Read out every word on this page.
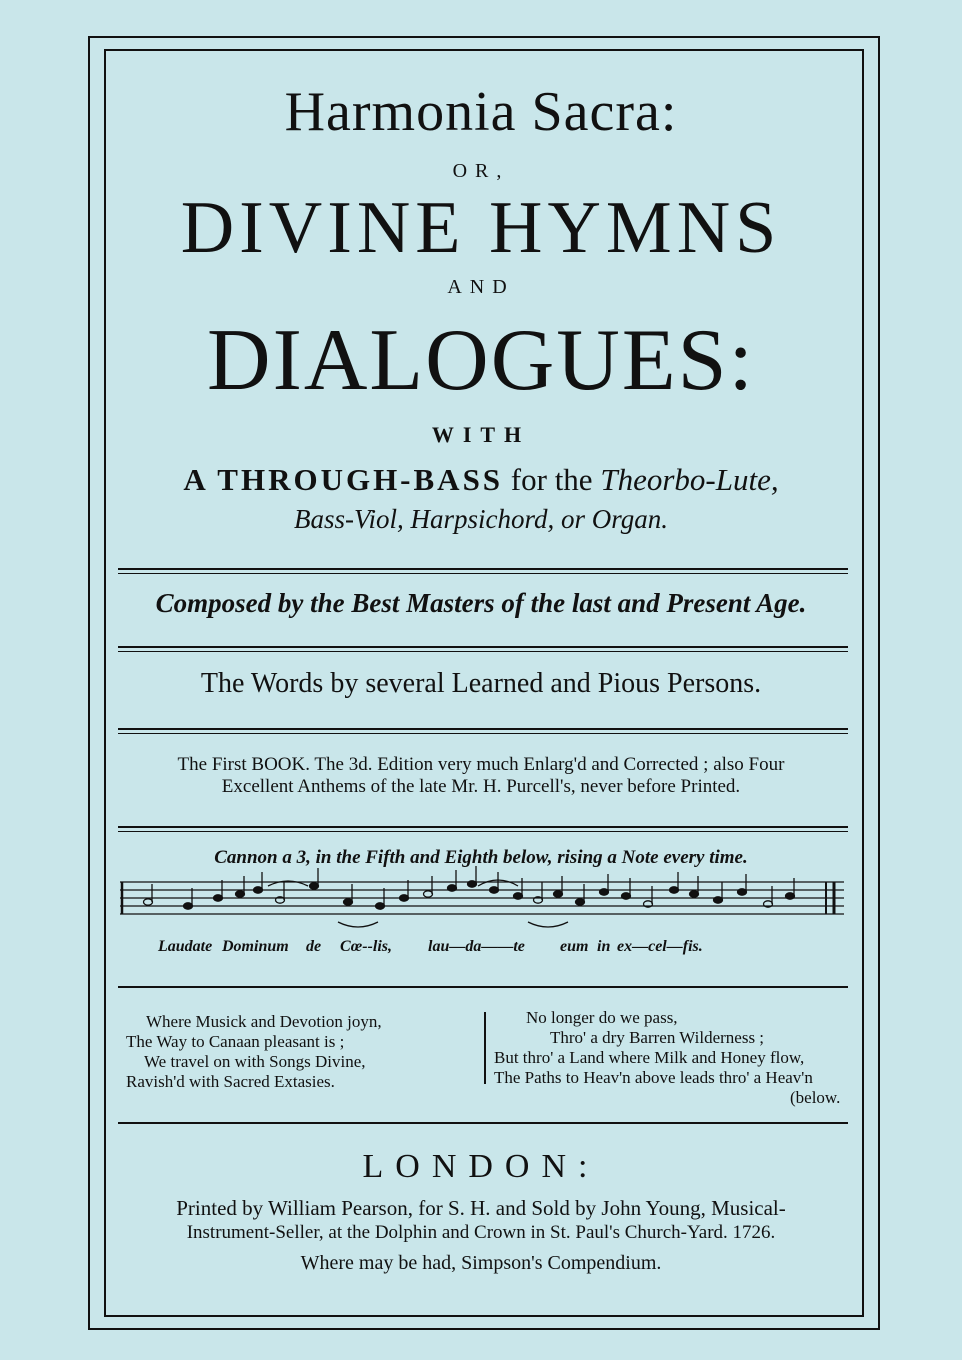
Harmonia Sacra:
OR,
DIVINE HYMNS
AND
DIALOGUES:
WITH
A THROUGH-BASS for the Theorbo-Lute,
Bass-Viol, Harpsichord, or Organ.
Composed by the Best Masters of the last and Present Age.
The Words by several Learned and Pious Persons.
The First BOOK. The 3d. Edition very much Enlarg'd and Corrected ; also Four
Excellent Anthems of the late Mr. H. Purcell's, never before Printed.
Cannon a 3, in the Fifth and Eighth below, rising a Note every time.
Laudate Dominum de Cœ--lis, lau—da——te eum in ex—cel—fis.
Where Musick and Devotion joyn,
The Way to Canaan pleasant is ;
We travel on with Songs Divine,
Ravish'd with Sacred Extasies.
No longer do we pass,
Thro' a dry Barren Wilderness ;
But thro' a Land where Milk and Honey flow,
The Paths to Heav'n above leads thro' a Heav'n
(below.
LONDON:
Printed by William Pearson, for S. H. and Sold by John Young, Musical-
Instrument-Seller, at the Dolphin and Crown in St. Paul's Church-Yard. 1726.
Where may be had, Simpson's Compendium.
